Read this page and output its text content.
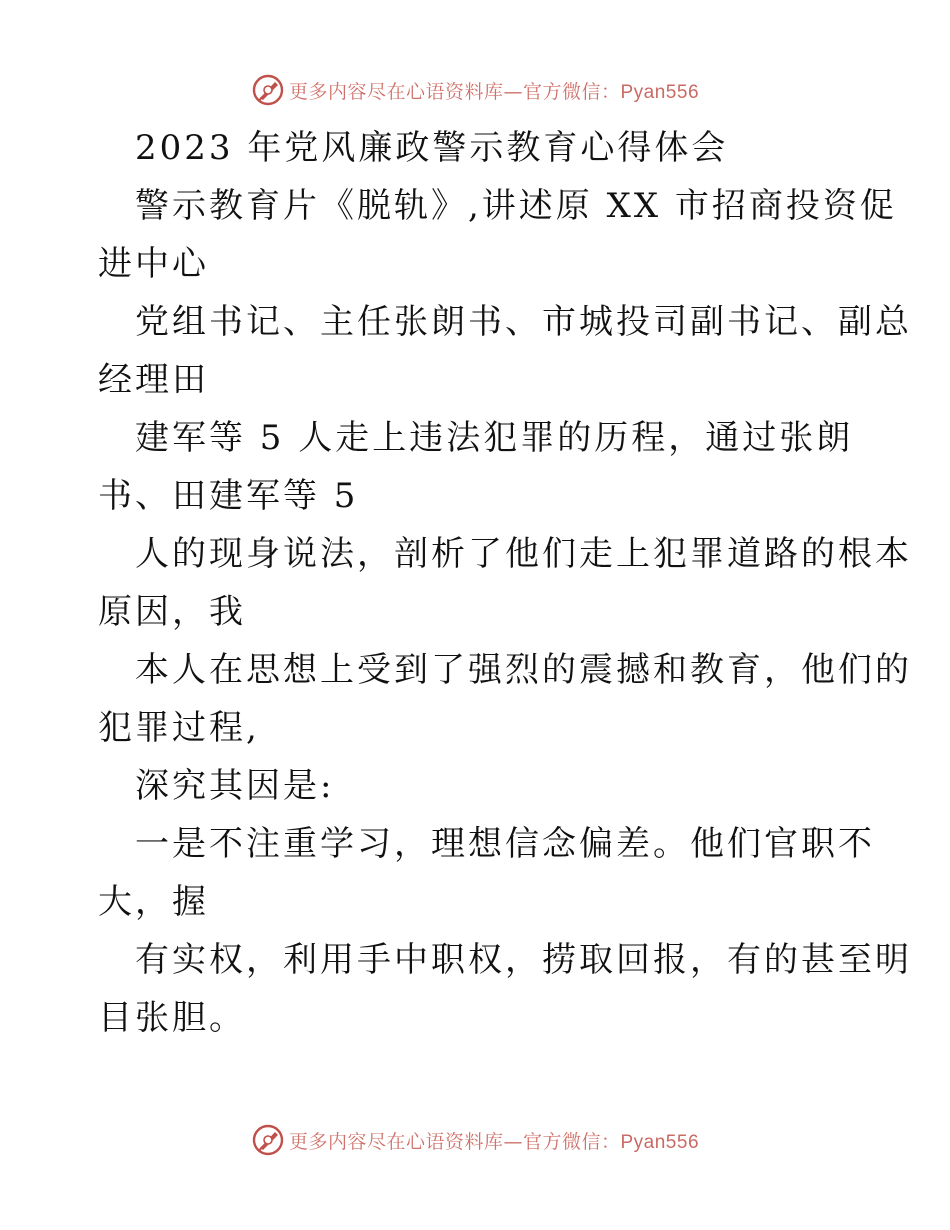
更多内容尽在心语资料库—官方微信：Pyan556
2023 年党风廉政警示教育心得体会
警示教育片《脱轨》,讲述原 XX 市招商投资促
进中心
党组书记、主任张朗书、市城投司副书记、副总
经理田
建军等 5 人走上违法犯罪的历程，通过张朗
书、田建军等 5
人的现身说法，剖析了他们走上犯罪道路的根本
原因，我
本人在思想上受到了强烈的震撼和教育，他们的
犯罪过程,
深究其因是:
一是不注重学习，理想信念偏差。他们官职不
大，握
有实权，利用手中职权，捞取回报，有的甚至明
目张胆。
更多内容尽在心语资料库—官方微信：Pyan556
